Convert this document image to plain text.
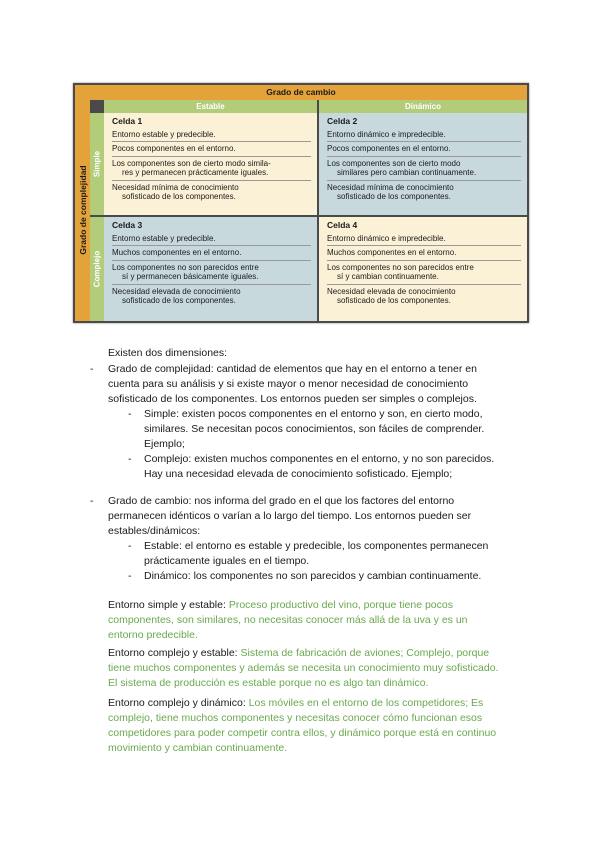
Grado de cambio
Grado de complejidad
Estable	Dinámico
Simple
Complejo
Celda 1
Entorno estable y predecible.
Pocos componentes en el entorno.
Los componentes son de cierto modo simila-
res y permanecen prácticamente iguales.
Necesidad mínima de conocimiento
sofisticado de los componentes.
Celda 2
Entorno dinámico e impredecible.
Pocos componentes en el entorno.
Los componentes son de cierto modo
similares pero cambian continuamente.
Necesidad mínima de conocimiento
sofisticado de los componentes.
Celda 3
Entorno estable y predecible.
Muchos componentes en el entorno.
Los componentes no son parecidos entre
sí y permanecen básicamente iguales.
Necesidad elevada de conocimiento
sofisticado de los componentes.
Celda 4
Entorno dinámico e impredecible.
Muchos componentes en el entorno.
Los componentes no son parecidos entre
sí y cambian continuamente.
Necesidad elevada de conocimiento
sofisticado de los componentes.
Existen dos dimensiones:
- Grado de complejidad: cantidad de elementos que hay en el entorno a tener en
cuenta para su análisis y si existe mayor o menor necesidad de conocimiento
sofisticado de los componentes. Los entornos pueden ser simples o complejos.
- Simple: existen pocos componentes en el entorno y son, en cierto modo,
similares. Se necesitan pocos conocimientos, son fáciles de comprender.
Ejemplo;
- Complejo: existen muchos componentes en el entorno, y no son parecidos.
Hay una necesidad elevada de conocimiento sofisticado. Ejemplo;
- Grado de cambio: nos informa del grado en el que los factores del entorno
permanecen idénticos o varían a lo largo del tiempo. Los entornos pueden ser
estables/dinámicos:
- Estable: el entorno es estable y predecible, los componentes permanecen
prácticamente iguales en el tiempo.
- Dinámico: los componentes no son parecidos y cambian continuamente.
Entorno simple y estable: Proceso productivo del vino, porque tiene pocos
componentes, son similares, no necesitas conocer más allá de la uva y es un
entorno predecible.
Entorno complejo y estable: Sistema de fabricación de aviones; Complejo, porque
tiene muchos componentes y además se necesita un conocimiento muy sofisticado.
El sistema de producción es estable porque no es algo tan dinámico.
Entorno complejo y dinámico: Los móviles en el entorno de los competidores; Es
complejo, tiene muchos componentes y necesitas conocer cómo funcionan esos
competidores para poder competir contra ellos, y dinámico porque está en continuo
movimiento y cambian continuamente.
